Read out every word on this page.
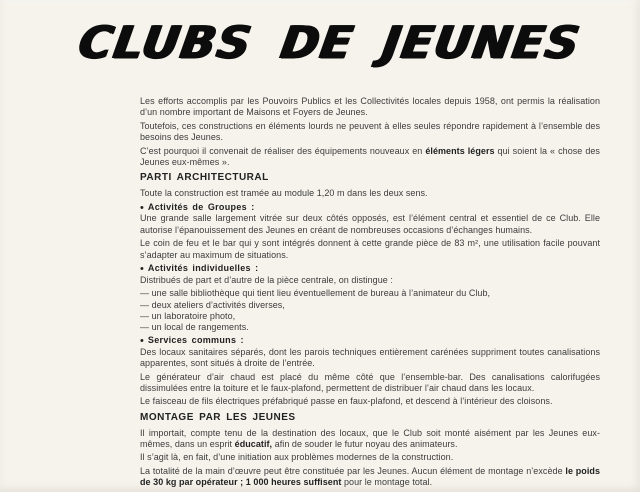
CLUBS DE JEUNES

Les efforts accomplis par les Pouvoirs Publics et les Collectivités locales depuis 1958, ont permis la réalisation d’un nombre important de Maisons et Foyers de Jeunes.

Toutefois, ces constructions en éléments lourds ne peuvent à elles seules répondre rapidement à l’ensemble des besoins des Jeunes.

C’est pourquoi il convenait de réaliser des équipements nouveaux en éléments légers qui soient la « chose des Jeunes eux-mêmes ».

PARTI ARCHITECTURAL

Toute la construction est tramée au module 1,20 m dans les deux sens.

• Activités de Groupes :

Une grande salle largement vitrée sur deux côtés opposés, est l’élément central et essentiel de ce Club. Elle autorise l’épanouissement des Jeunes en créant de nombreuses occasions d’échanges humains.

Le coin de feu et le bar qui y sont intégrés donnent à cette grande pièce de 83 m², une utilisation facile pouvant s’adapter au maximum de situations.

• Activités individuelles :

Distribués de part et d’autre de la pièce centrale, on distingue :

— une salle bibliothèque qui tient lieu éventuellement de bureau à l’animateur du Club,

— deux ateliers d’activités diverses,

— un laboratoire photo,

— un local de rangements.

• Services communs :

Des locaux sanitaires séparés, dont les parois techniques entièrement carénées suppriment toutes canalisations apparentes, sont situés à droite de l’entrée.

Le générateur d’air chaud est placé du même côté que l’ensemble-bar. Des canalisations calorifugées dissimulées entre la toiture et le faux-plafond, permettent de distribuer l’air chaud dans les locaux.

Le faisceau de fils électriques préfabriqué passe en faux-plafond, et descend à l’intérieur des cloisons.

MONTAGE PAR LES JEUNES

Il importait, compte tenu de la destination des locaux, que le Club soit monté aisément par les Jeunes eux-mêmes, dans un esprit éducatif, afin de souder le futur noyau des animateurs.

Il s’agit là, en fait, d’une initiation aux problèmes modernes de la construction.

La totalité de la main d’œuvre peut être constituée par les Jeunes. Aucun élément de montage n’excède le poids de 30 kg par opérateur ; 1 000 heures suffisent pour le montage total.
